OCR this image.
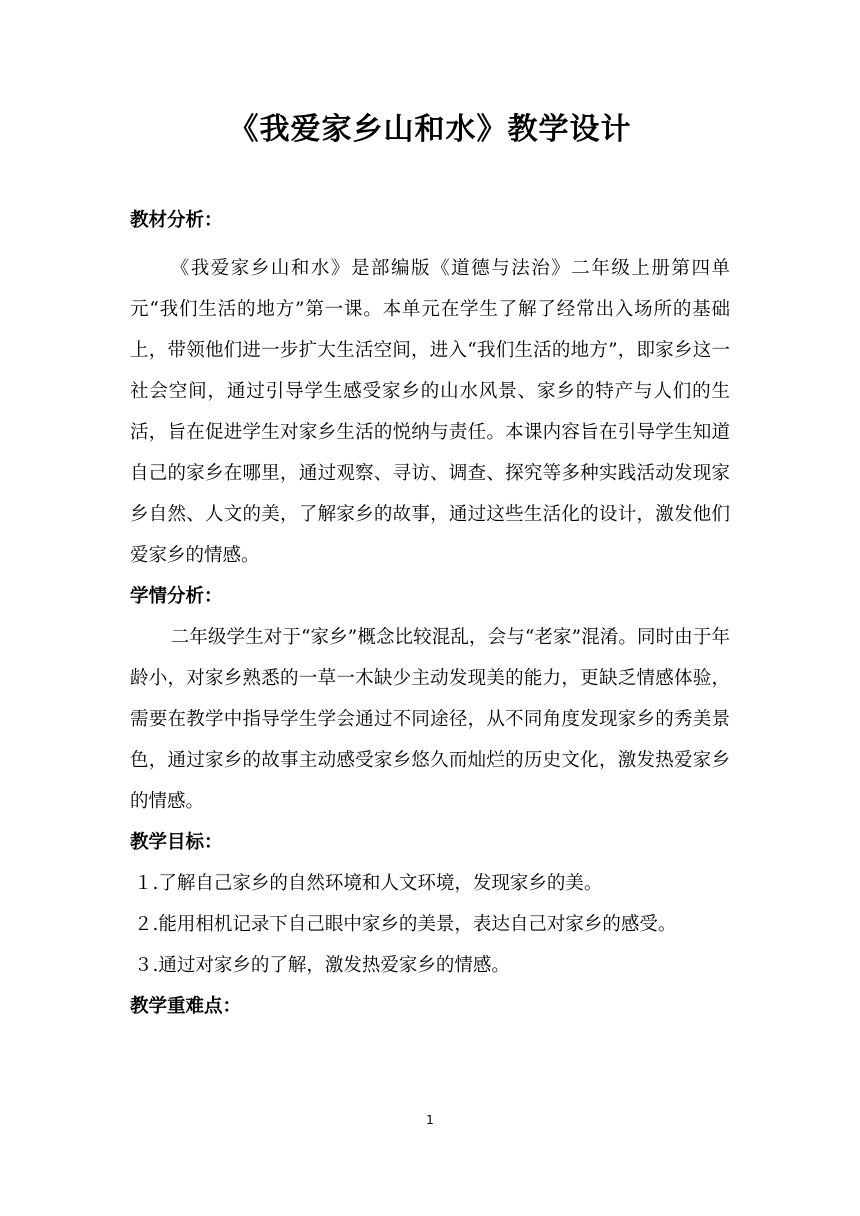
《我爱家乡山和水》教学设计

教材分析：

《我爱家乡山和水》是部编版《道德与法治》二年级上册第四单元“我们生活的地方”第一课。本单元在学生了解了经常出入场所的基础上，带领他们进一步扩大生活空间，进入“我们生活的地方”，即家乡这一社会空间，通过引导学生感受家乡的山水风景、家乡的特产与人们的生活，旨在促进学生对家乡生活的悦纳与责任。本课内容旨在引导学生知道自己的家乡在哪里，通过观察、寻访、调查、探究等多种实践活动发现家乡自然、人文的美，了解家乡的故事，通过这些生活化的设计，激发他们爱家乡的情感。

学情分析：

二年级学生对于“家乡”概念比较混乱，会与“老家”混淆。同时由于年龄小，对家乡熟悉的一草一木缺少主动发现美的能力，更缺乏情感体验，需要在教学中指导学生学会通过不同途径，从不同角度发现家乡的秀美景色，通过家乡的故事主动感受家乡悠久而灿烂的历史文化，激发热爱家乡的情感。

教学目标：

１.了解自己家乡的自然环境和人文环境，发现家乡的美。

２.能用相机记录下自己眼中家乡的美景，表达自己对家乡的感受。

３.通过对家乡的了解，激发热爱家乡的情感。

教学重难点：

1
